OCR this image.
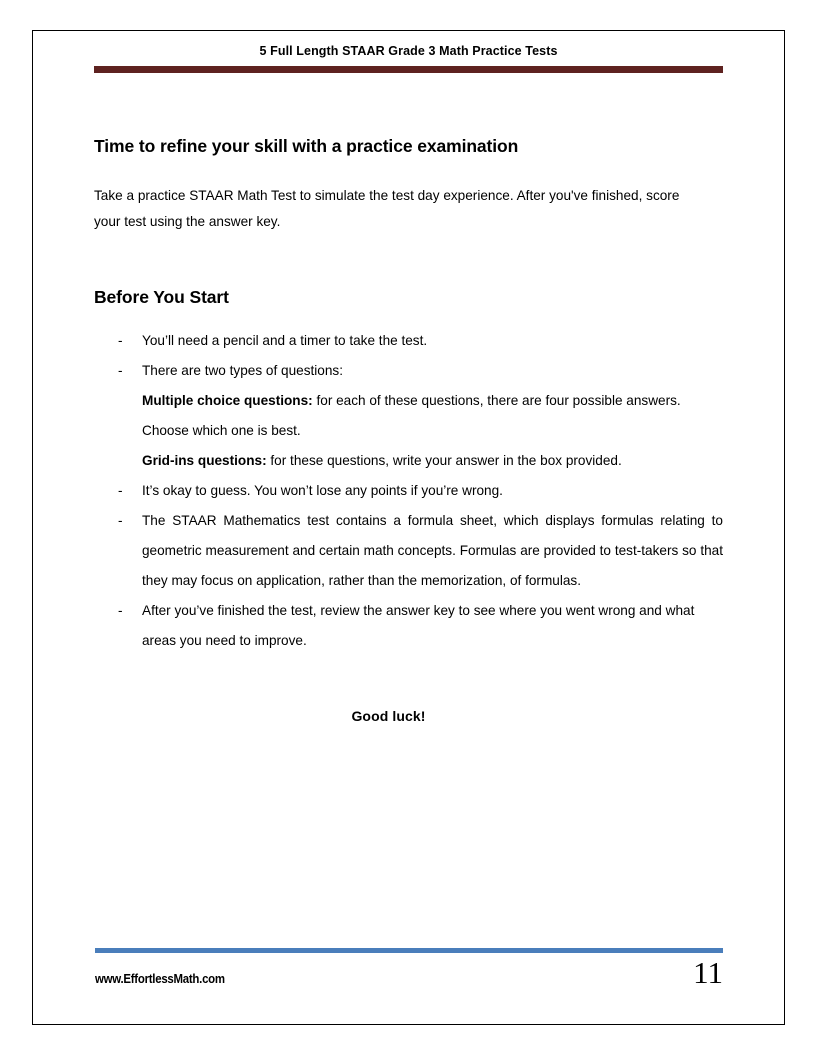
5 Full Length STAAR Grade 3 Math Practice Tests
Time to refine your skill with a practice examination

Take a practice STAAR Math Test to simulate the test day experience. After you've finished, score your test using the answer key.

Before You Start
- You’ll need a pencil and a timer to take the test.
- There are two types of questions:
Multiple choice questions: for each of these questions, there are four possible answers. Choose which one is best.
Grid-ins questions: for these questions, write your answer in the box provided.
- It’s okay to guess. You won’t lose any points if you’re wrong.
- The STAAR Mathematics test contains a formula sheet, which displays formulas relating to geometric measurement and certain math concepts. Formulas are provided to test-takers so that they may focus on application, rather than the memorization, of formulas.
- After you’ve finished the test, review the answer key to see where you went wrong and what areas you need to improve.
Good luck!
www.EffortlessMath.com	11
